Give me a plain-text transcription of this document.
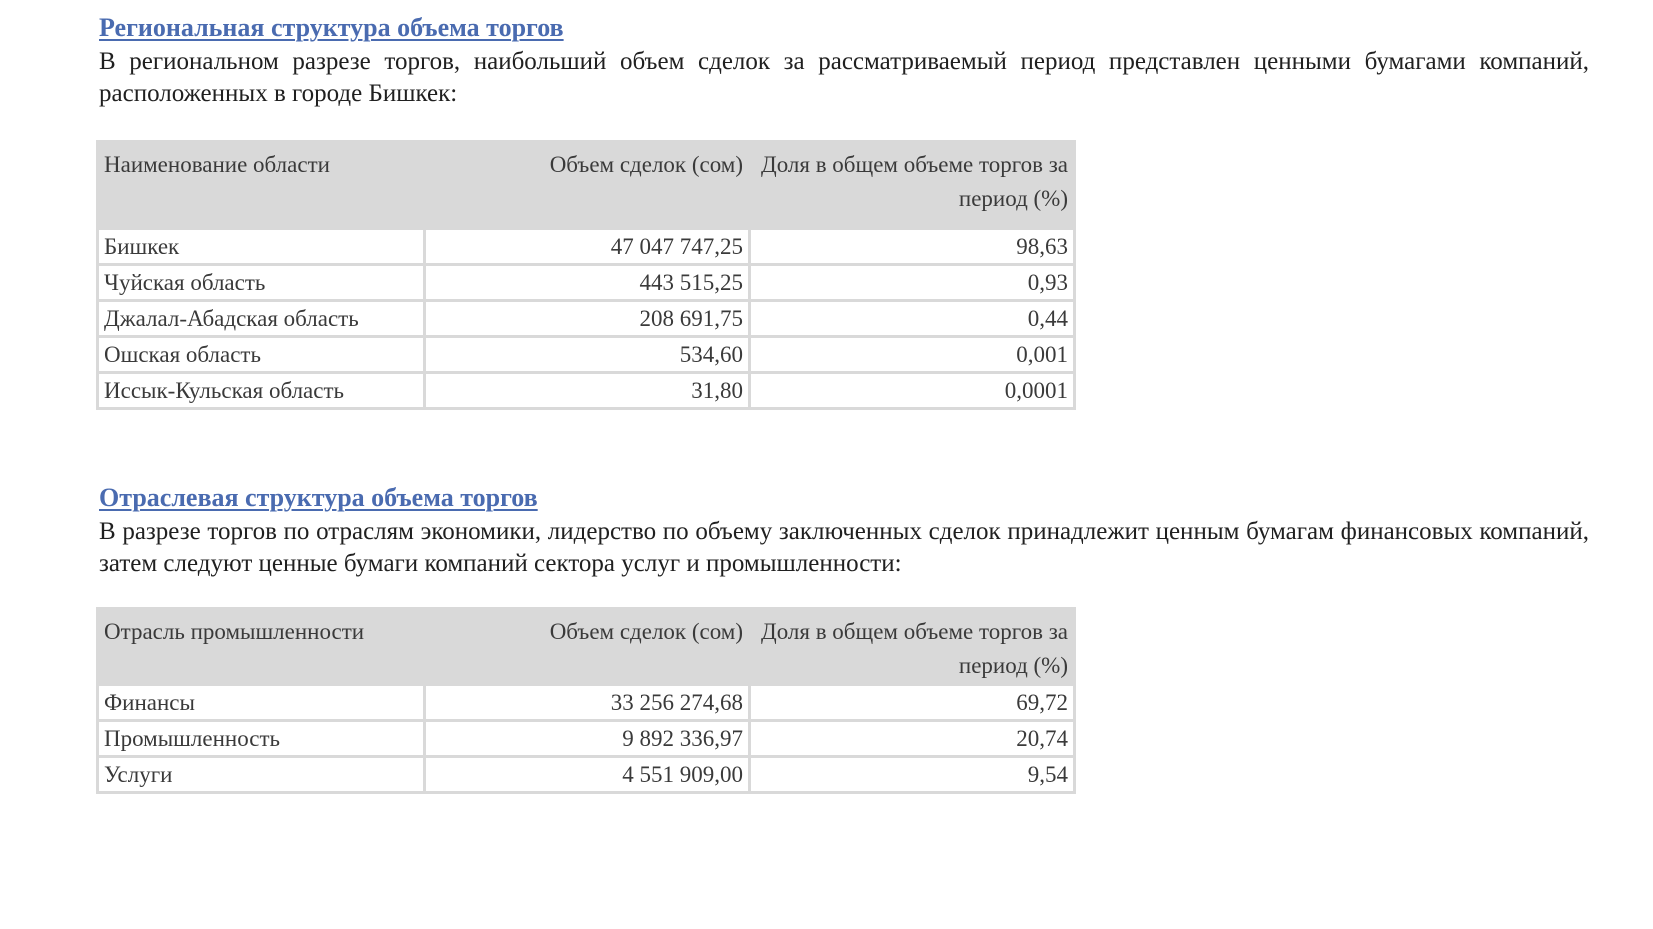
Региональная структура объема торгов

В региональном разрезе торгов, наибольший объем сделок за рассматриваемый период представлен ценными бумагами компаний, расположенных в городе Бишкек:

Наименование области	Объем сделок (сом)	Доля в общем объеме торгов за период (%)
Бишкек	47 047 747,25	98,63
Чуйская область	443 515,25	0,93
Джалал-Абадская область	208 691,75	0,44
Ошская область	534,60	0,001
Иссык-Кульская область	31,80	0,0001
Отраслевая структура объема торгов

В разрезе торгов по отраслям экономики, лидерство по объему заключенных сделок принадлежит ценным бумагам финансовых компаний, затем следуют ценные бумаги компаний сектора услуг и промышленности:

Отрасль промышленности	Объем сделок (сом)	Доля в общем объеме торгов за период (%)
Финансы	33 256 274,68	69,72
Промышленность	9 892 336,97	20,74
Услуги	4 551 909,00	9,54
